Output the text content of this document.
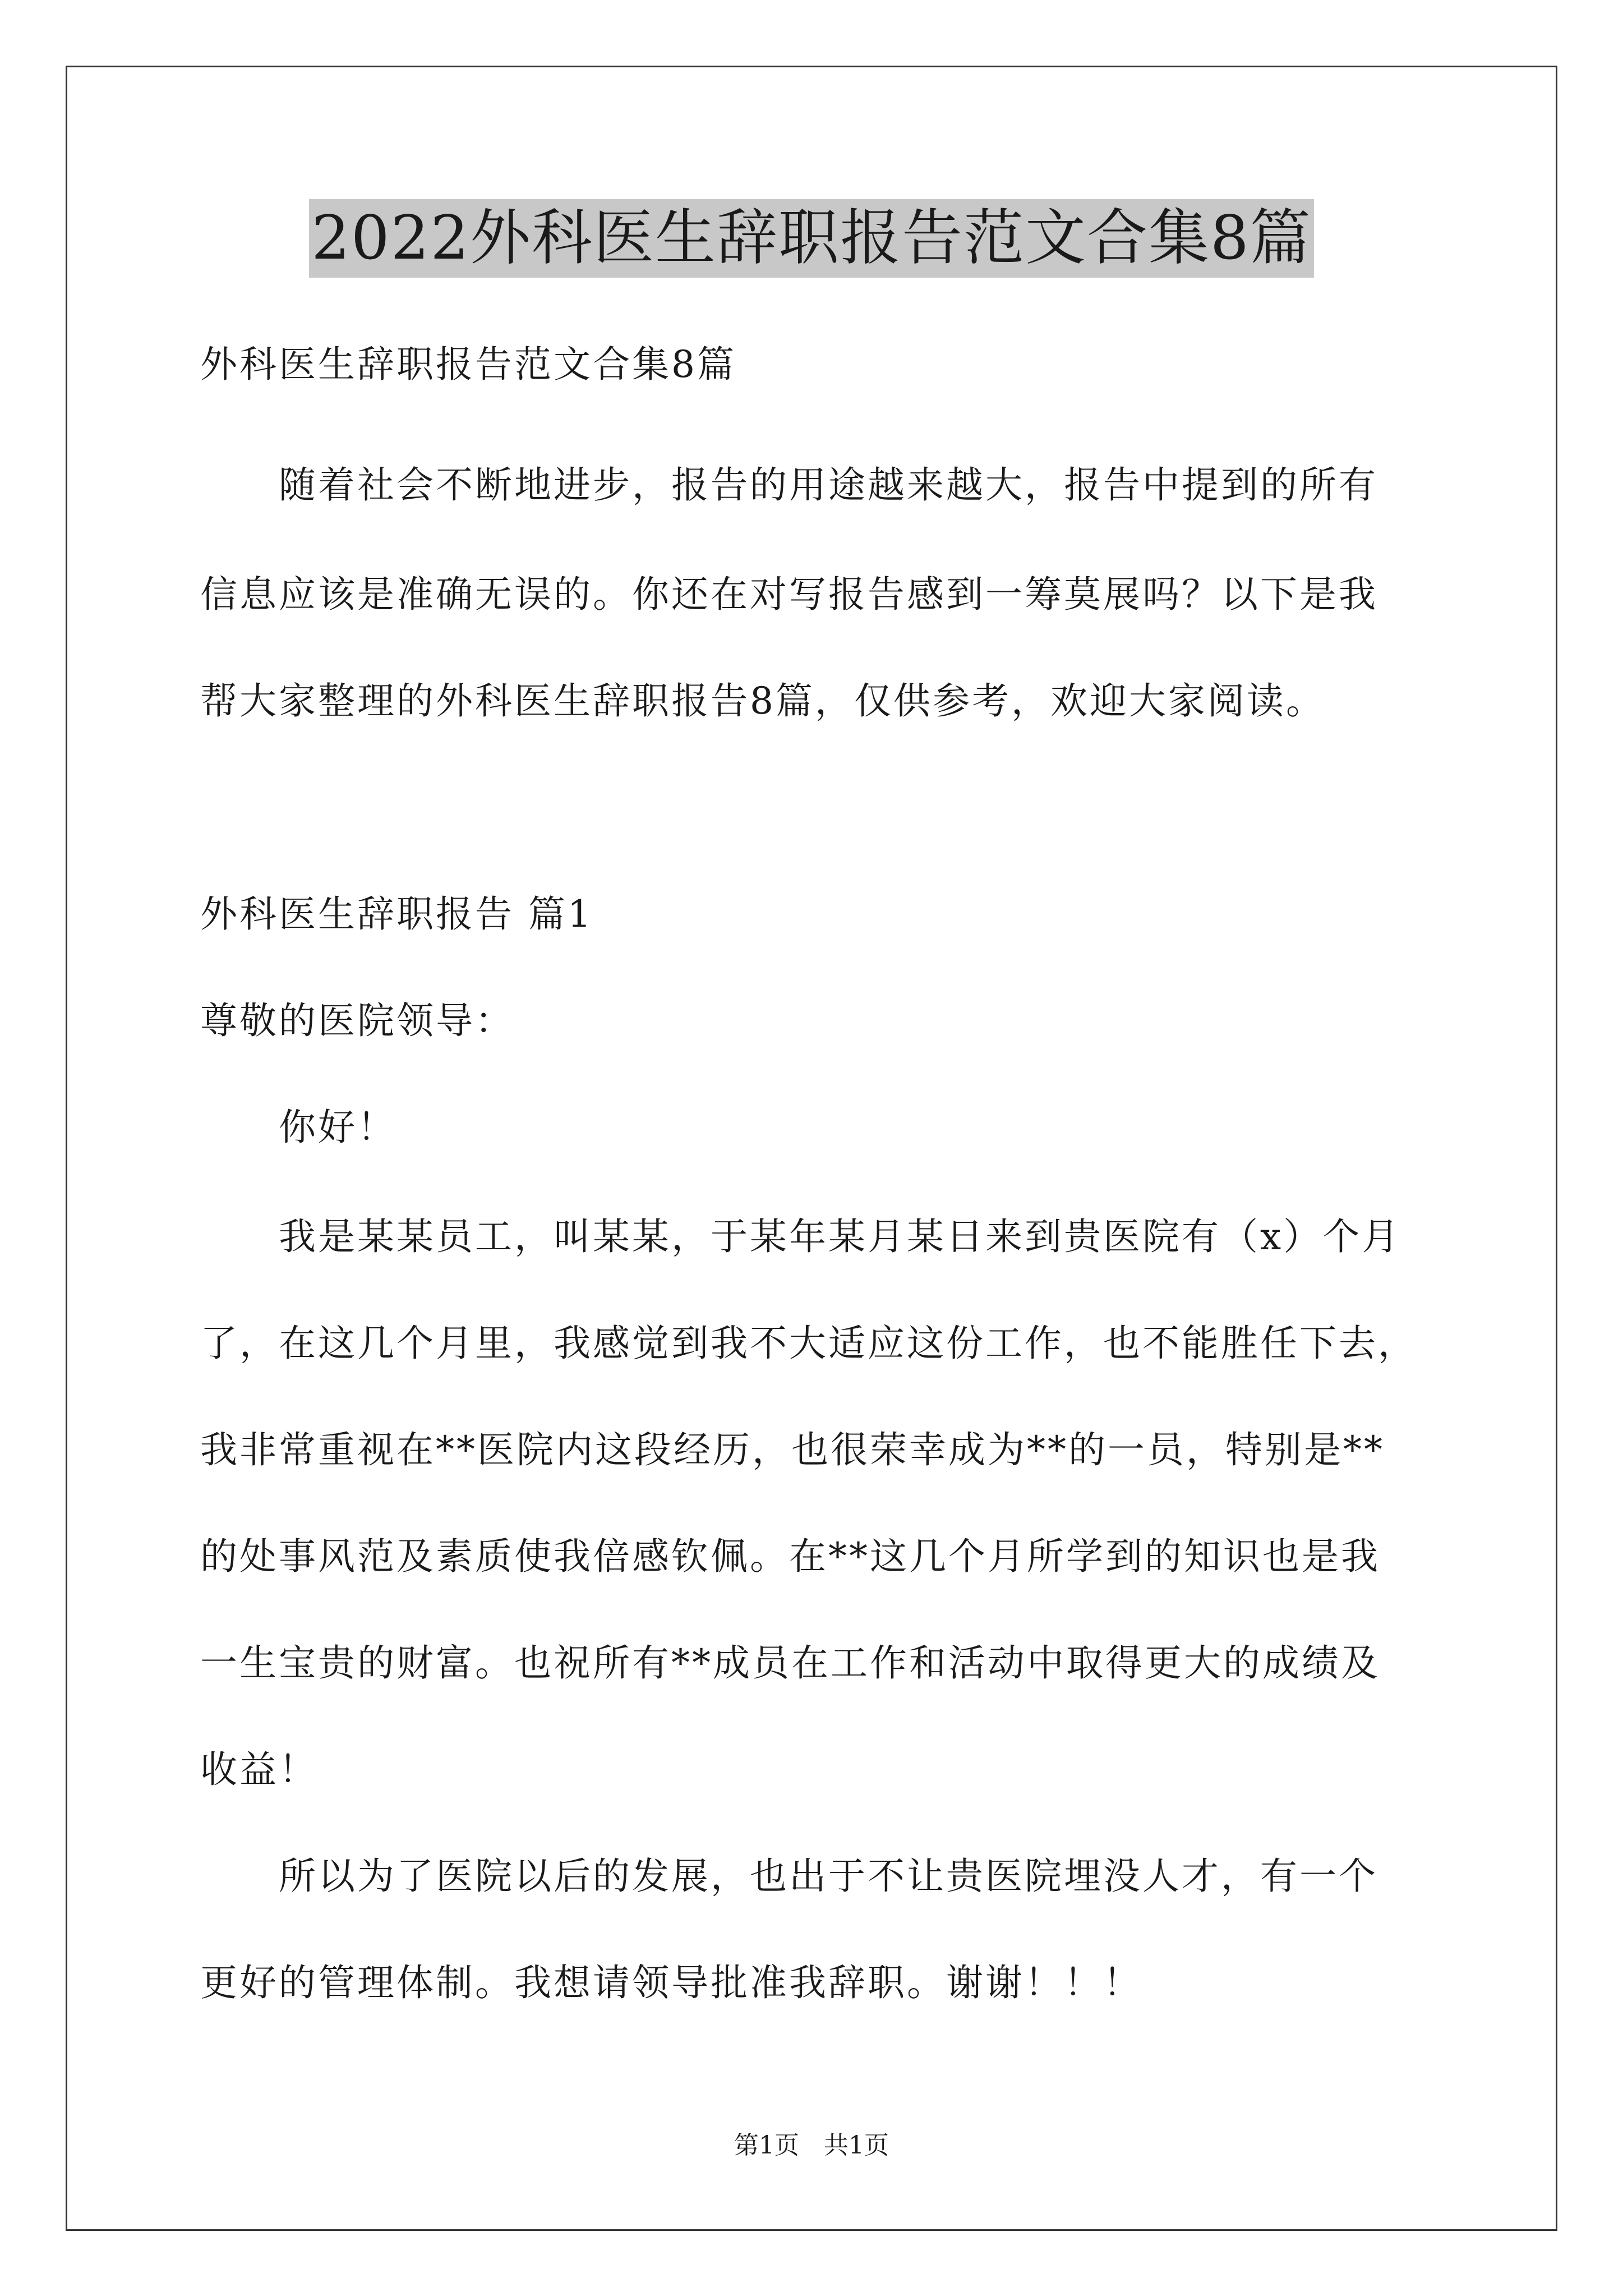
2022外科医生辞职报告范文合集8篇
外科医生辞职报告范文合集8篇
　　随着社会不断地进步，报告的用途越来越大，报告中提到的所有
信息应该是准确无误的。你还在对写报告感到一筹莫展吗？以下是我
帮大家整理的外科医生辞职报告8篇，仅供参考，欢迎大家阅读。
外科医生辞职报告 篇1
尊敬的医院领导：
　　你好！
　　我是某某员工，叫某某，于某年某月某日来到贵医院有（x）个月
了，在这几个月里，我感觉到我不大适应这份工作，也不能胜任下去，
我非常重视在**医院内这段经历，也很荣幸成为**的一员，特别是**
的处事风范及素质使我倍感钦佩。在**这几个月所学到的知识也是我
一生宝贵的财富。也祝所有**成员在工作和活动中取得更大的成绩及
收益！
　　所以为了医院以后的发展，也出于不让贵医院埋没人才，有一个
更好的管理体制。我想请领导批准我辞职。谢谢！！！
第1页　共1页
